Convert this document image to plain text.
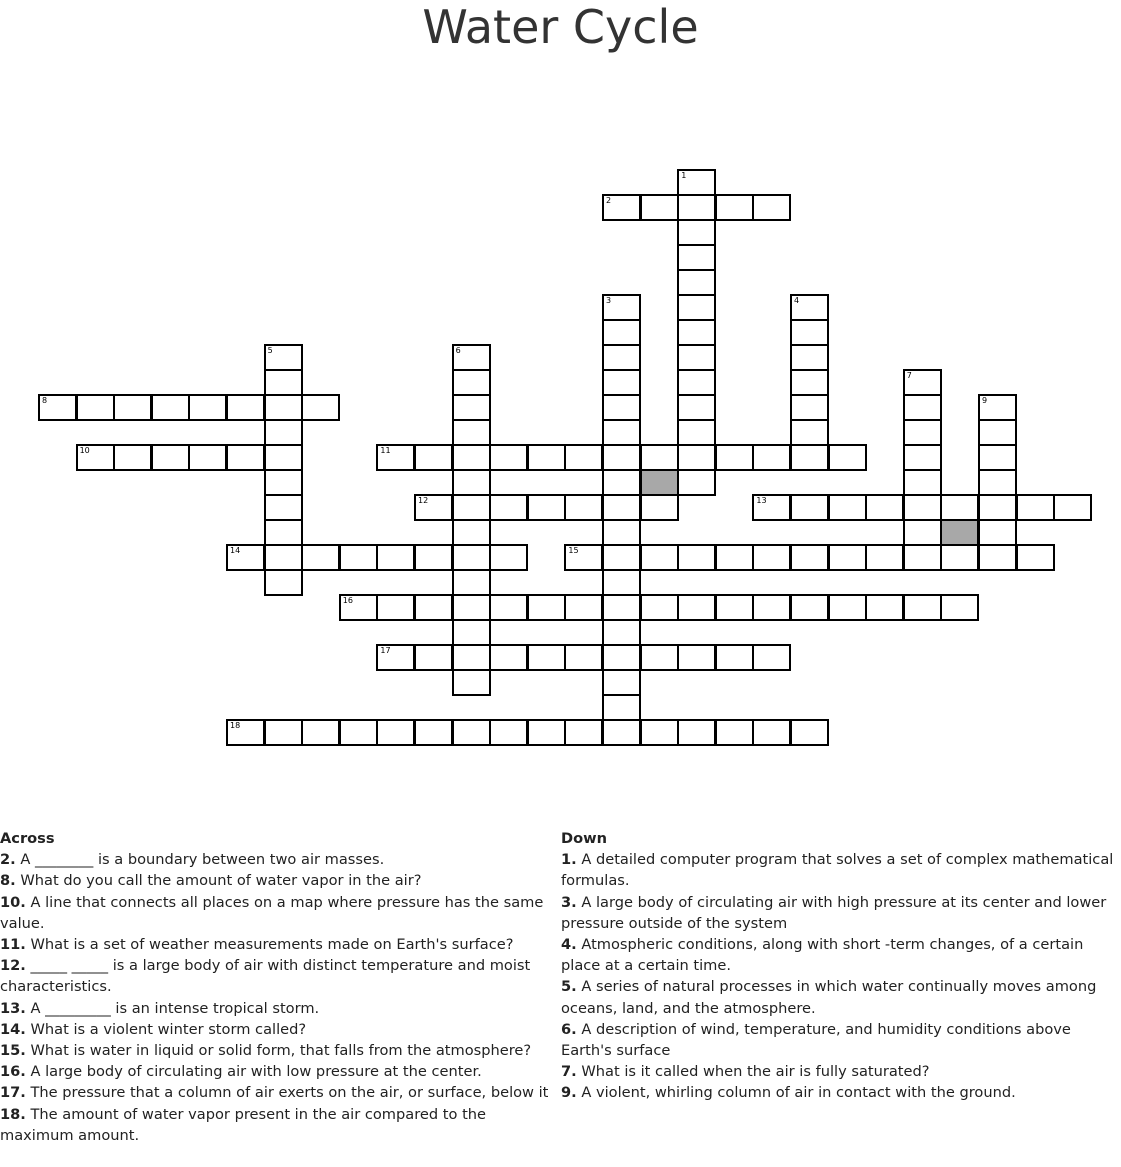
Water Cycle
1
2
3	4
5	6
7
8	9
10	11
12	13
14	15
16
17
18
Across
2. A ________ is a boundary between two air masses.
8. What do you call the amount of water vapor in the air?
10. A line that connects all places on a map where pressure has the same value.
11. What is a set of weather measurements made on Earth's surface?
12. _____ _____ is a large body of air with distinct temperature and moist characteristics.
13. A _________ is an intense tropical storm.
14. What is a violent winter storm called?
15. What is water in liquid or solid form, that falls from the atmosphere?
16. A large body of circulating air with low pressure at the center.
17. The pressure that a column of air exerts on the air, or surface, below it
18. The amount of water vapor present in the air compared to the maximum amount.
Down
1. A detailed computer program that solves a set of complex mathematical formulas.
3. A large body of circulating air with high pressure at its center and lower pressure outside of the system
4. Atmospheric conditions, along with short -term changes, of a certain place at a certain time.
5. A series of natural processes in which water continually moves among oceans, land, and the atmosphere.
6. A description of wind, temperature, and humidity conditions above Earth's surface
7. What is it called when the air is fully saturated?
9. A violent, whirling column of air in contact with the ground.
